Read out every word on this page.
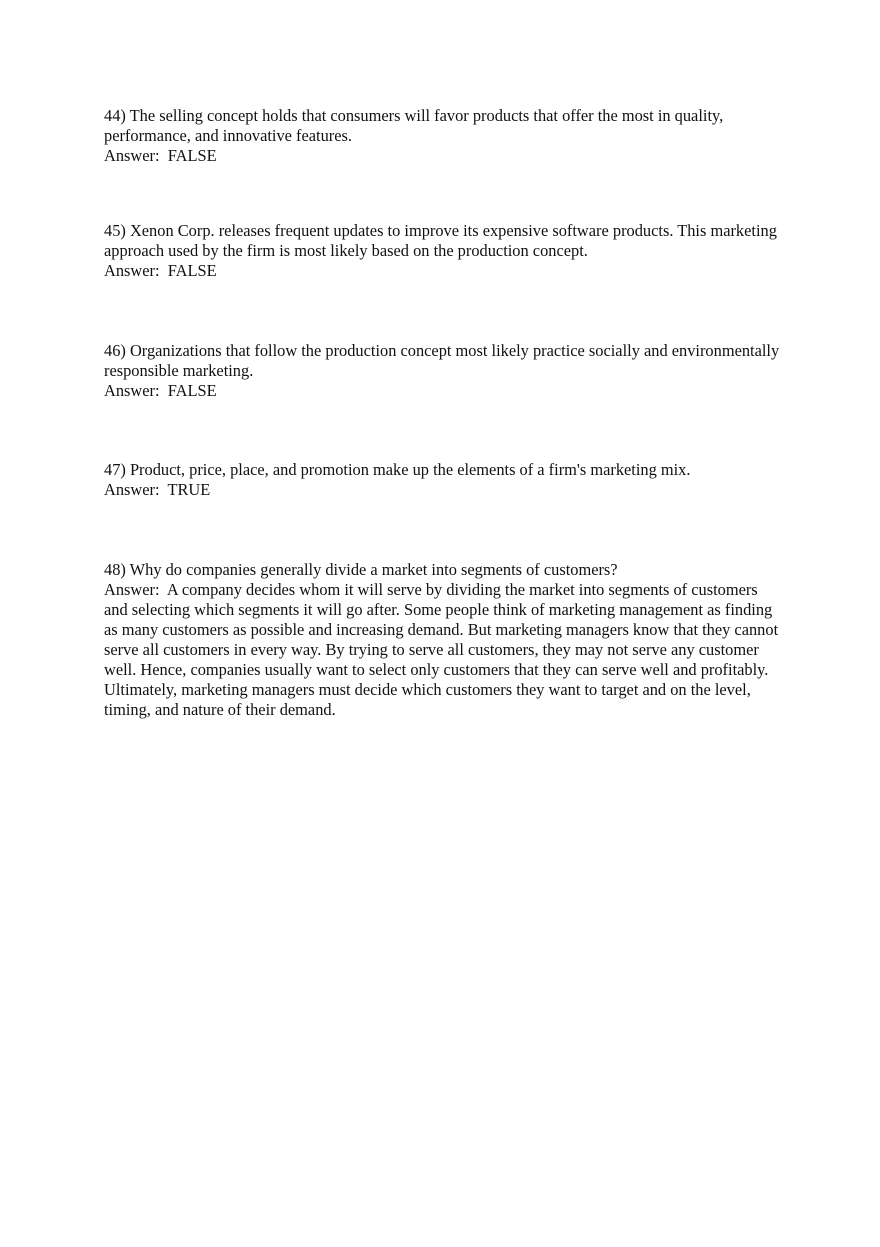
44) The selling concept holds that consumers will favor products that offer the most in quality, performance, and innovative features.

Answer:  FALSE

45) Xenon Corp. releases frequent updates to improve its expensive software products. This marketing approach used by the firm is most likely based on the production concept.

Answer:  FALSE

46) Organizations that follow the production concept most likely practice socially and environmentally responsible marketing.

Answer:  FALSE

47) Product, price, place, and promotion make up the elements of a firm's marketing mix.

Answer:  TRUE

48) Why do companies generally divide a market into segments of customers?

Answer:  A company decides whom it will serve by dividing the market into segments of customers and selecting which segments it will go after. Some people think of marketing management as finding as many customers as possible and increasing demand. But marketing managers know that they cannot serve all customers in every way. By trying to serve all customers, they may not serve any customer well. Hence, companies usually want to select only customers that they can serve well and profitably. Ultimately, marketing managers must decide which customers they want to target and on the level, timing, and nature of their demand.
